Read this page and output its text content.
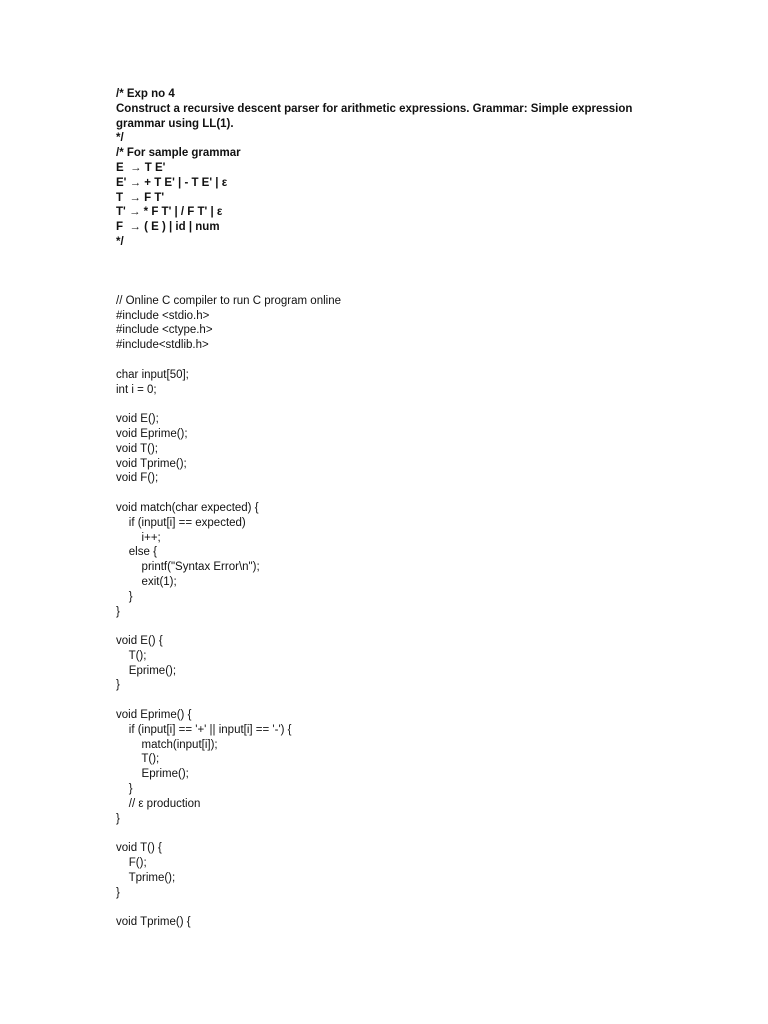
/* Exp no 4
Construct a recursive descent parser for arithmetic expressions. Grammar: Simple expression
grammar using LL(1).
*/
/* For sample grammar
E  → T E'
E' → + T E' | - T E' | ε
T  → F T'
T' → * F T' | / F T' | ε
F  → ( E ) | id | num
*/
// Online C compiler to run C program online
#include <stdio.h>
#include <ctype.h>
#include<stdlib.h>
char input[50];
int i = 0;
void E();
void Eprime();
void T();
void Tprime();
void F();
void match(char expected) {
if (input[i] == expected)
i++;
else {
printf("Syntax Error\n");
exit(1);
}
}
void E() {
T();
Eprime();
}
void Eprime() {
if (input[i] == '+' || input[i] == '-') {
match(input[i]);
T();
Eprime();
}
// ε production
}
void T() {
F();
Tprime();
}
void Tprime() {
